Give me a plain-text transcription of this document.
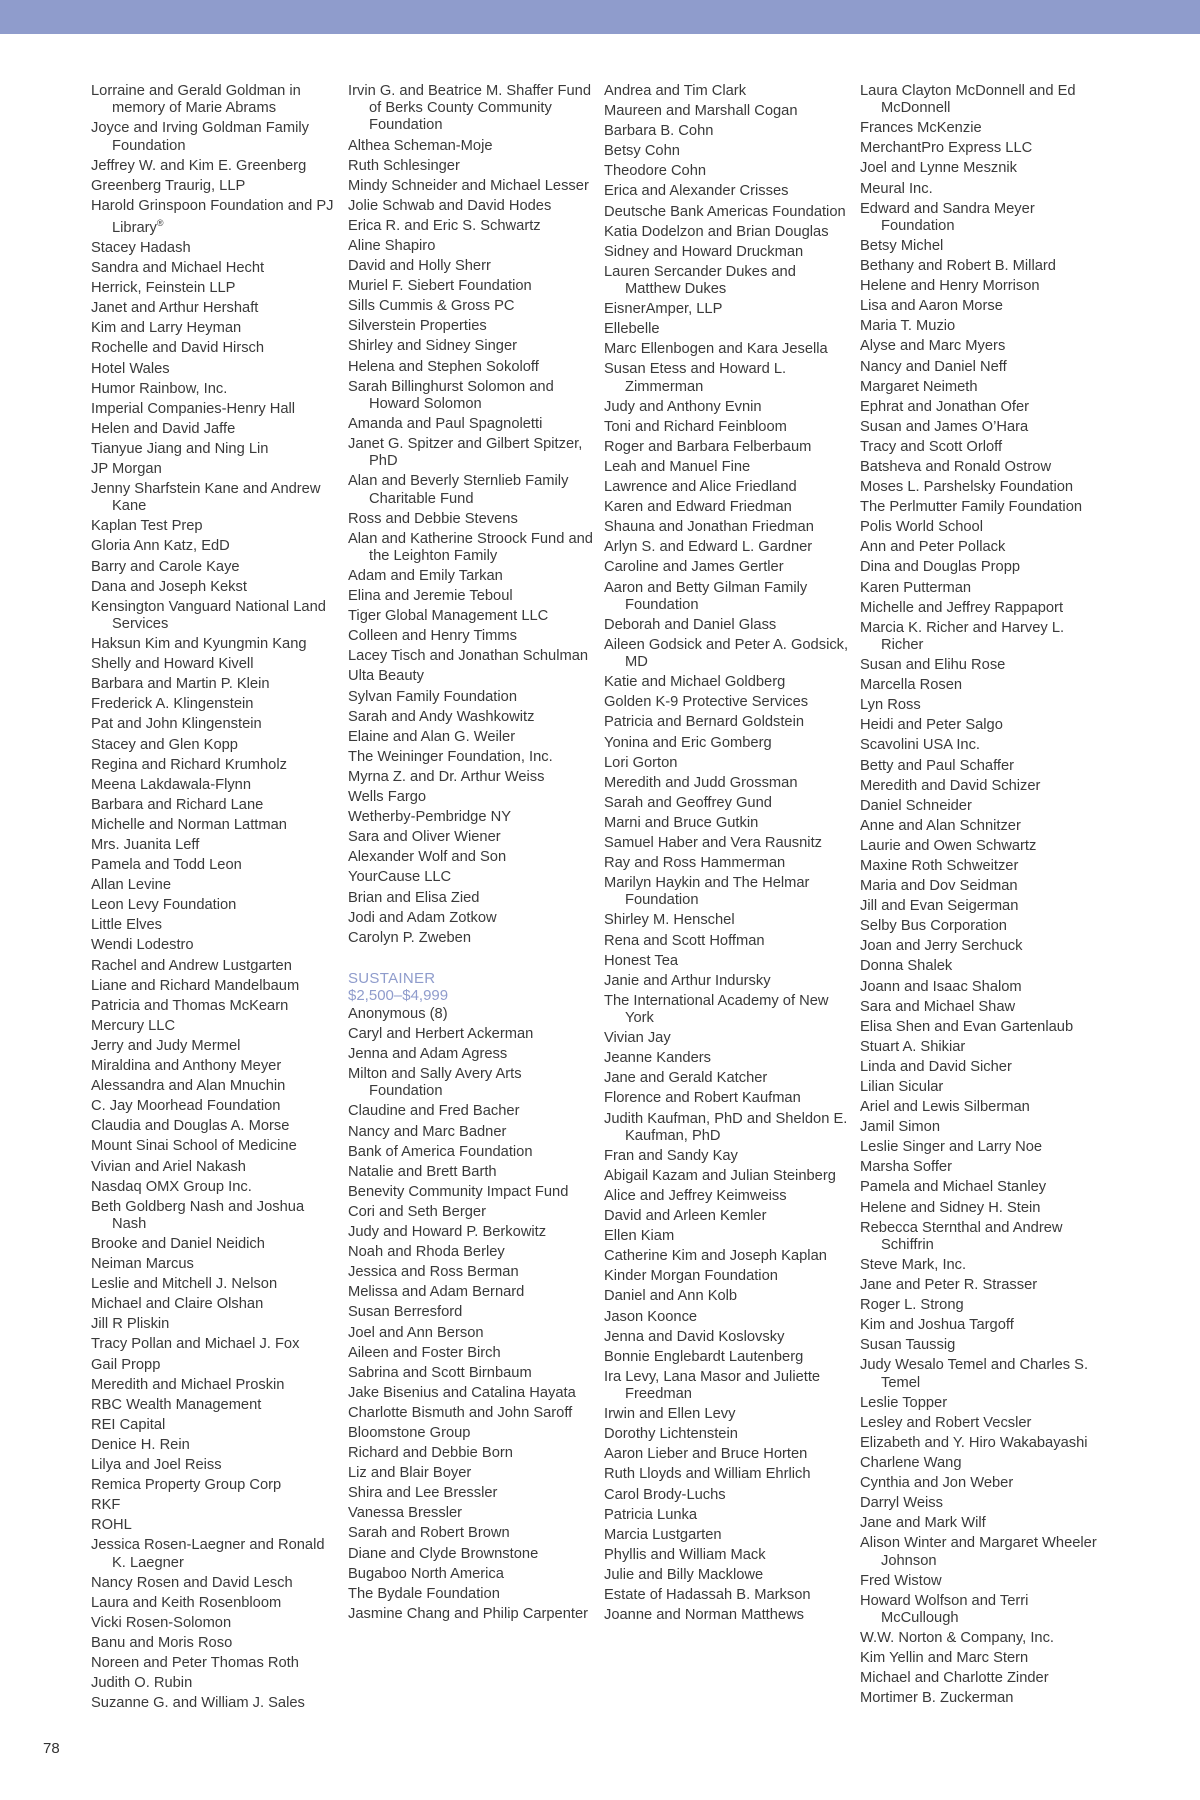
Lorraine and Gerald Goldman in memory of Marie Abrams
Joyce and Irving Goldman Family Foundation
Jeffrey W. and Kim E. Greenberg
Greenberg Traurig, LLP
Harold Grinspoon Foundation and PJ Library®
Stacey Hadash
Sandra and Michael Hecht
Herrick, Feinstein LLP
Janet and Arthur Hershaft
Kim and Larry Heyman
Rochelle and David Hirsch
Hotel Wales
Humor Rainbow, Inc.
Imperial Companies-Henry Hall
Helen and David Jaffe
Tianyue Jiang and Ning Lin
JP Morgan
Jenny Sharfstein Kane and Andrew Kane
Kaplan Test Prep
Gloria Ann Katz, EdD
Barry and Carole Kaye
Dana and Joseph Kekst
Kensington Vanguard National Land Services
Haksun Kim and Kyungmin Kang
Shelly and Howard Kivell
Barbara and Martin P. Klein
Frederick A. Klingenstein
Pat and John Klingenstein
Stacey and Glen Kopp
Regina and Richard Krumholz
Meena Lakdawala-Flynn
Barbara and Richard Lane
Michelle and Norman Lattman
Mrs. Juanita Leff
Pamela and Todd Leon
Allan Levine
Leon Levy Foundation
Little Elves
Wendi Lodestro
Rachel and Andrew Lustgarten
Liane and Richard Mandelbaum
Patricia and Thomas McKearn
Mercury LLC
Jerry and Judy Mermel
Miraldina and Anthony Meyer
Alessandra and Alan Mnuchin
C. Jay Moorhead Foundation
Claudia and Douglas A. Morse
Mount Sinai School of Medicine
Vivian and Ariel Nakash
Nasdaq OMX Group Inc.
Beth Goldberg Nash and Joshua Nash
Brooke and Daniel Neidich
Neiman Marcus
Leslie and Mitchell J. Nelson
Michael and Claire Olshan
Jill R Pliskin
Tracy Pollan and Michael J. Fox
Gail Propp
Meredith and Michael Proskin
RBC Wealth Management
REI Capital
Denice H. Rein
Lilya and Joel Reiss
Remica Property Group Corp
RKF
ROHL
Jessica Rosen-Laegner and Ronald K. Laegner
Nancy Rosen and David Lesch
Laura and Keith Rosenbloom
Vicki Rosen-Solomon
Banu and Moris Roso
Noreen and Peter Thomas Roth
Judith O. Rubin
Suzanne G. and William J. Sales
Irvin G. and Beatrice M. Shaffer Fund of Berks County Community Foundation
Althea Scheman-Moje
Ruth Schlesinger
Mindy Schneider and Michael Lesser
Jolie Schwab and David Hodes
Erica R. and Eric S. Schwartz
Aline Shapiro
David and Holly Sherr
Muriel F. Siebert Foundation
Sills Cummis & Gross PC
Silverstein Properties
Shirley and Sidney Singer
Helena and Stephen Sokoloff
Sarah Billinghurst Solomon and Howard Solomon
Amanda and Paul Spagnoletti
Janet G. Spitzer and Gilbert Spitzer, PhD
Alan and Beverly Sternlieb Family Charitable Fund
Ross and Debbie Stevens
Alan and Katherine Stroock Fund and the Leighton Family
Adam and Emily Tarkan
Elina and Jeremie Teboul
Tiger Global Management LLC
Colleen and Henry Timms
Lacey Tisch and Jonathan Schulman
Ulta Beauty
Sylvan Family Foundation
Sarah and Andy Washkowitz
Elaine and Alan G. Weiler
The Weininger Foundation, Inc.
Myrna Z. and Dr. Arthur Weiss
Wells Fargo
Wetherby-Pembridge NY
Sara and Oliver Wiener
Alexander Wolf and Son
YourCause LLC
Brian and Elisa Zied
Jodi and Adam Zotkow
Carolyn P. Zweben
SUSTAINER
$2,500–$4,999
Anonymous (8)
Caryl and Herbert Ackerman
Jenna and Adam Agress
Milton and Sally Avery Arts Foundation
Claudine and Fred Bacher
Nancy and Marc Badner
Bank of America Foundation
Natalie and Brett Barth
Benevity Community Impact Fund
Cori and Seth Berger
Judy and Howard P. Berkowitz
Noah and Rhoda Berley
Jessica and Ross Berman
Melissa and Adam Bernard
Susan Berresford
Joel and Ann Berson
Aileen and Foster Birch
Sabrina and Scott Birnbaum
Jake Bisenius and Catalina Hayata
Charlotte Bismuth and John Saroff
Bloomstone Group
Richard and Debbie Born
Liz and Blair Boyer
Shira and Lee Bressler
Vanessa Bressler
Sarah and Robert Brown
Diane and Clyde Brownstone
Bugaboo North America
The Bydale Foundation
Jasmine Chang and Philip Carpenter
Andrea and Tim Clark
Maureen and Marshall Cogan
Barbara B. Cohn
Betsy Cohn
Theodore Cohn
Erica and Alexander Crisses
Deutsche Bank Americas Foundation
Katia Dodelzon and Brian Douglas
Sidney and Howard Druckman
Lauren Sercander Dukes and Matthew Dukes
EisnerAmper, LLP
Ellebelle
Marc Ellenbogen and Kara Jesella
Susan Etess and Howard L. Zimmerman
Judy and Anthony Evnin
Toni and Richard Feinbloom
Roger and Barbara Felberbaum
Leah and Manuel Fine
Lawrence and Alice Friedland
Karen and Edward Friedman
Shauna and Jonathan Friedman
Arlyn S. and Edward L. Gardner
Caroline and James Gertler
Aaron and Betty Gilman Family Foundation
Deborah and Daniel Glass
Aileen Godsick and Peter A. Godsick, MD
Katie and Michael Goldberg
Golden K-9 Protective Services
Patricia and Bernard Goldstein
Yonina and Eric Gomberg
Lori Gorton
Meredith and Judd Grossman
Sarah and Geoffrey Gund
Marni and Bruce Gutkin
Samuel Haber and Vera Rausnitz
Ray and Ross Hammerman
Marilyn Haykin and The Helmar Foundation
Shirley M. Henschel
Rena and Scott Hoffman
Honest Tea
Janie and Arthur Indursky
The International Academy of New York
Vivian Jay
Jeanne Kanders
Jane and Gerald Katcher
Florence and Robert Kaufman
Judith Kaufman, PhD and Sheldon E. Kaufman, PhD
Fran and Sandy Kay
Abigail Kazam and Julian Steinberg
Alice and Jeffrey Keimweiss
David and Arleen Kemler
Ellen Kiam
Catherine Kim and Joseph Kaplan
Kinder Morgan Foundation
Daniel and Ann Kolb
Jason Koonce
Jenna and David Koslovsky
Bonnie Englebardt Lautenberg
Ira Levy, Lana Masor and Juliette Freedman
Irwin and Ellen Levy
Dorothy Lichtenstein
Aaron Lieber and Bruce Horten
Ruth Lloyds and William Ehrlich
Carol Brody-Luchs
Patricia Lunka
Marcia Lustgarten
Phyllis and William Mack
Julie and Billy Macklowe
Estate of Hadassah B. Markson
Joanne and Norman Matthews
Laura Clayton McDonnell and Ed McDonnell
Frances McKenzie
MerchantPro Express LLC
Joel and Lynne Mesznik
Meural Inc.
Edward and Sandra Meyer Foundation
Betsy Michel
Bethany and Robert B. Millard
Helene and Henry Morrison
Lisa and Aaron Morse
Maria T. Muzio
Alyse and Marc Myers
Nancy and Daniel Neff
Margaret Neimeth
Ephrat and Jonathan Ofer
Susan and James O’Hara
Tracy and Scott Orloff
Batsheva and Ronald Ostrow
Moses L. Parshelsky Foundation
The Perlmutter Family Foundation
Polis World School
Ann and Peter Pollack
Dina and Douglas Propp
Karen Putterman
Michelle and Jeffrey Rappaport
Marcia K. Richer and Harvey L. Richer
Susan and Elihu Rose
Marcella Rosen
Lyn Ross
Heidi and Peter Salgo
Scavolini USA Inc.
Betty and Paul Schaffer
Meredith and David Schizer
Daniel Schneider
Anne and Alan Schnitzer
Laurie and Owen Schwartz
Maxine Roth Schweitzer
Maria and Dov Seidman
Jill and Evan Seigerman
Selby Bus Corporation
Joan and Jerry Serchuck
Donna Shalek
Joann and Isaac Shalom
Sara and Michael Shaw
Elisa Shen and Evan Gartenlaub
Stuart A. Shikiar
Linda and David Sicher
Lilian Sicular
Ariel and Lewis Silberman
Jamil Simon
Leslie Singer and Larry Noe
Marsha Soffer
Pamela and Michael Stanley
Helene and Sidney H. Stein
Rebecca Sternthal and Andrew Schiffrin
Steve Mark, Inc.
Jane and Peter R. Strasser
Roger L. Strong
Kim and Joshua Targoff
Susan Taussig
Judy Wesalo Temel and Charles S. Temel
Leslie Topper
Lesley and Robert Vecsler
Elizabeth and Y. Hiro Wakabayashi
Charlene Wang
Cynthia and Jon Weber
Darryl Weiss
Jane and Mark Wilf
Alison Winter and Margaret Wheeler Johnson
Fred Wistow
Howard Wolfson and Terri McCullough
W.W. Norton & Company, Inc.
Kim Yellin and Marc Stern
Michael and Charlotte Zinder
Mortimer B. Zuckerman
78
